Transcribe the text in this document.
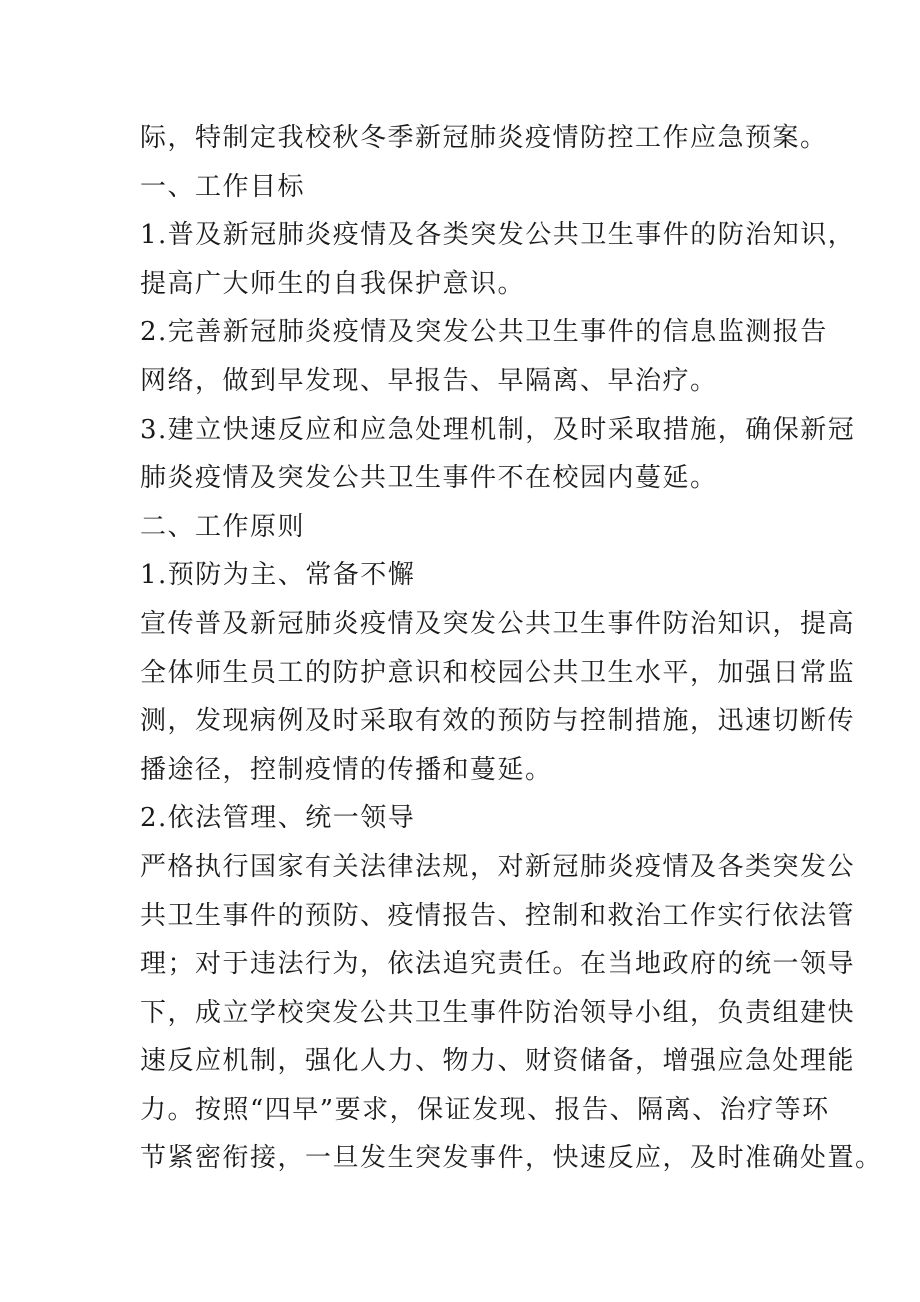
际，特制定我校秋冬季新冠肺炎疫情防控工作应急预案。
一、工作目标
1.普及新冠肺炎疫情及各类突发公共卫生事件的防治知识，
提高广大师生的自我保护意识。
2.完善新冠肺炎疫情及突发公共卫生事件的信息监测报告
网络，做到早发现、早报告、早隔离、早治疗。
3.建立快速反应和应急处理机制，及时采取措施，确保新冠
肺炎疫情及突发公共卫生事件不在校园内蔓延。
二、工作原则
1.预防为主、常备不懈
宣传普及新冠肺炎疫情及突发公共卫生事件防治知识，提高
全体师生员工的防护意识和校园公共卫生水平，加强日常监
测，发现病例及时采取有效的预防与控制措施，迅速切断传
播途径，控制疫情的传播和蔓延。
2.依法管理、统一领导
严格执行国家有关法律法规，对新冠肺炎疫情及各类突发公
共卫生事件的预防、疫情报告、控制和救治工作实行依法管
理；对于违法行为，依法追究责任。在当地政府的统一领导
下，成立学校突发公共卫生事件防治领导小组，负责组建快
速反应机制，强化人力、物力、财资储备，增强应急处理能
力。按照“四早”要求，保证发现、报告、隔离、治疗等环
节紧密衔接，一旦发生突发事件，快速反应，及时准确处置。
